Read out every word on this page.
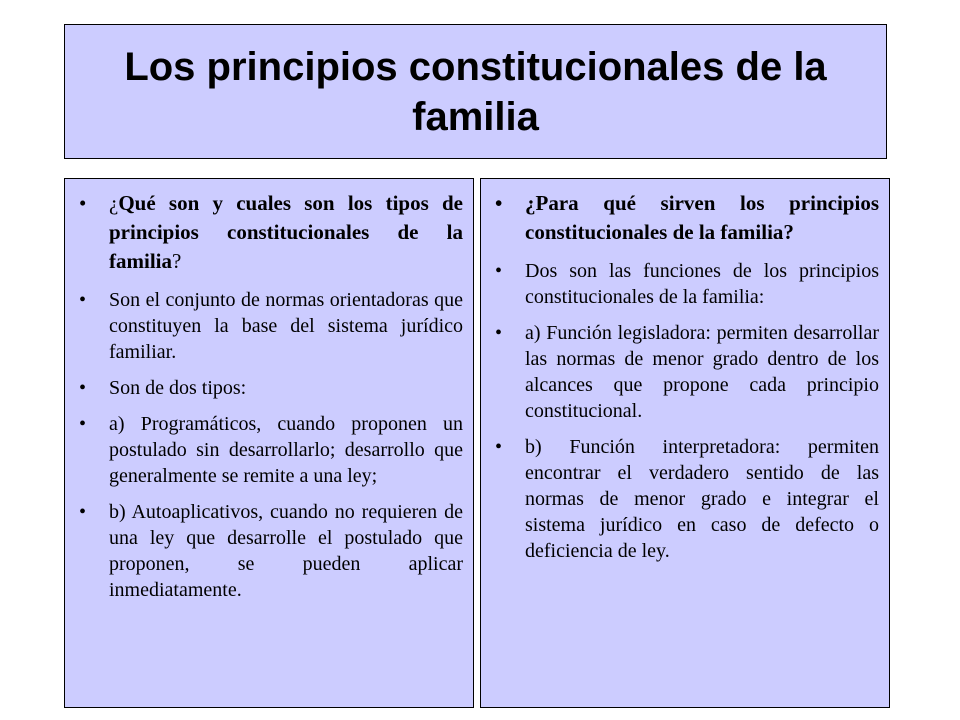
Los principios constitucionales de la familia
• ¿Qué son y cuales son los tipos de principios constitucionales de la familia?
• Son el conjunto de normas orientadoras que constituyen la base del sistema jurídico familiar.
• Son de dos tipos:
• a) Programáticos, cuando proponen un postulado sin desarrollarlo; desarrollo que generalmente se remite a una ley;
• b) Autoaplicativos, cuando no requieren de una ley que desarrolle el postulado que proponen, se pueden aplicar inmediatamente.
• ¿Para qué sirven los principios constitucionales de la familia?
• Dos son las funciones de los principios constitucionales de la familia:
• a) Función legisladora: permiten desarrollar las normas de menor grado dentro de los alcances que propone cada principio constitucional.
• b) Función interpretadora: permiten encontrar el verdadero sentido de las normas de menor grado e integrar el sistema jurídico en caso de defecto o deficiencia de ley.
